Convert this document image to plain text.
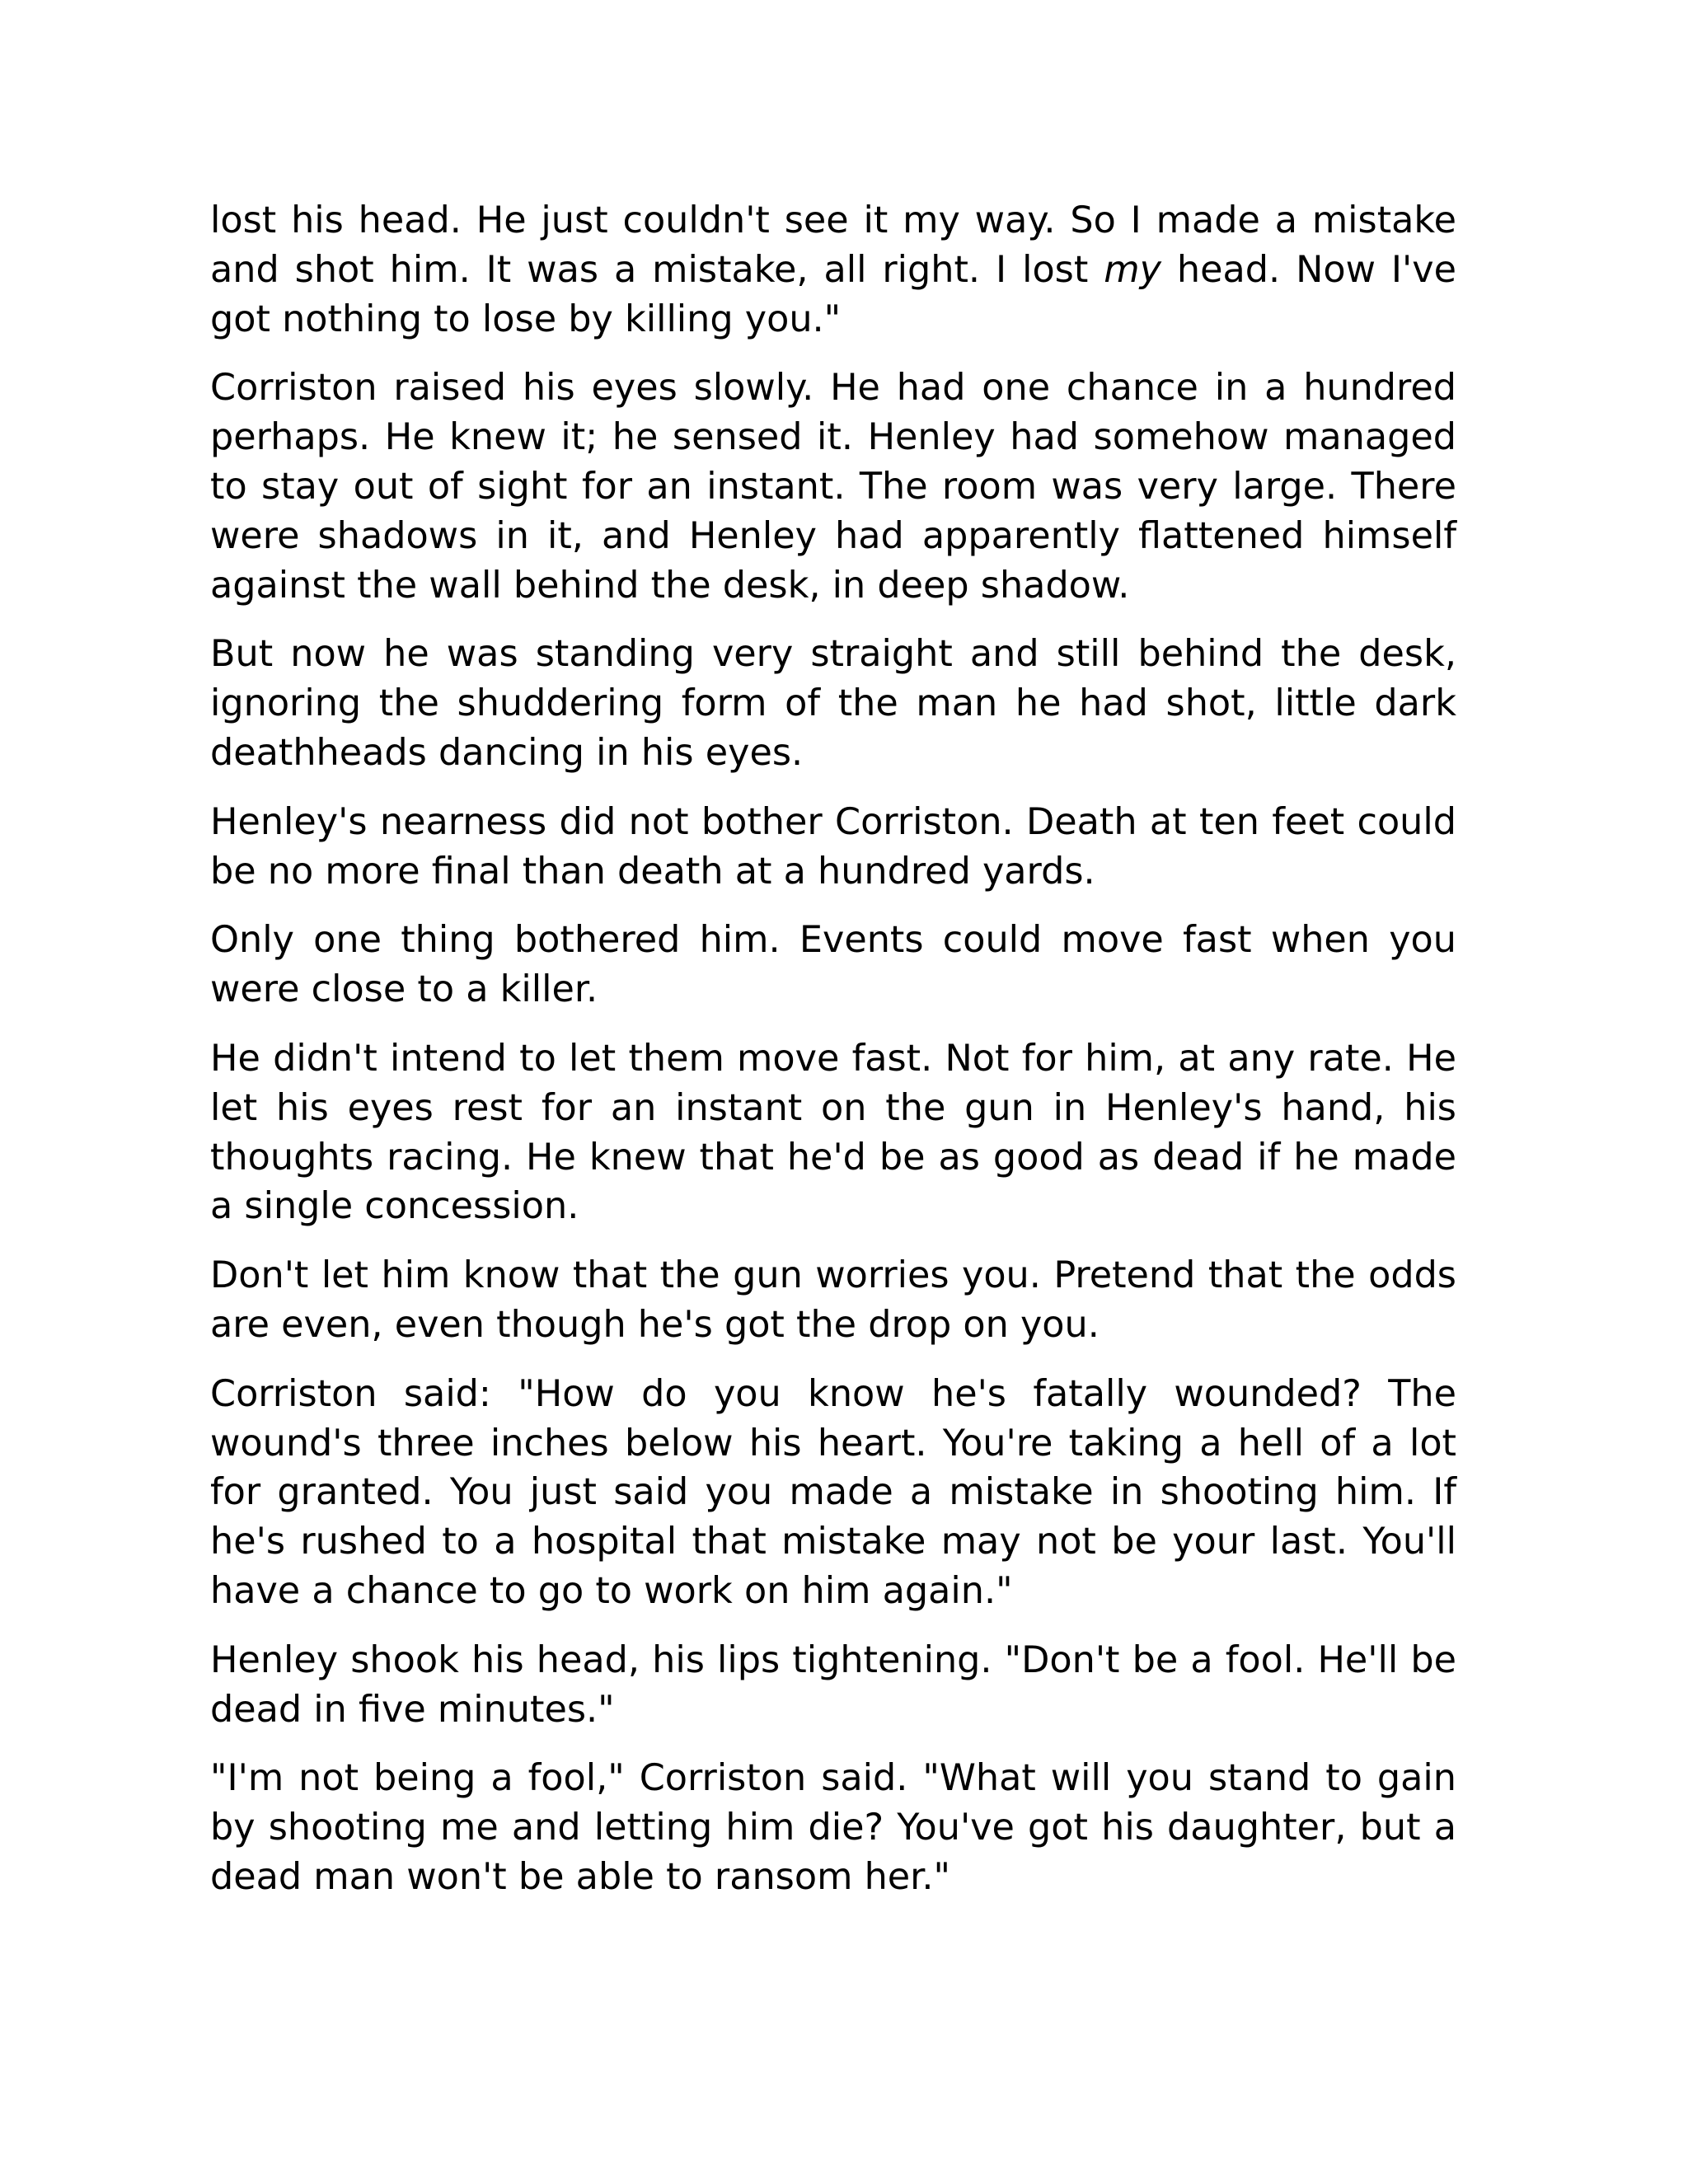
lost his head. He just couldn't see it my way. So I made a mistake and shot him. It was a mistake, all right. I lost my head. Now I've got nothing to lose by killing you."

Corriston raised his eyes slowly. He had one chance in a hundred perhaps. He knew it; he sensed it. Henley had somehow managed to stay out of sight for an instant. The room was very large. There were shadows in it, and Henley had apparently flattened himself against the wall behind the desk, in deep shadow.

But now he was standing very straight and still behind the desk, ignoring the shuddering form of the man he had shot, little dark deathheads dancing in his eyes.

Henley's nearness did not bother Corriston. Death at ten feet could be no more final than death at a hundred yards.

Only one thing bothered him. Events could move fast when you were close to a killer.

He didn't intend to let them move fast. Not for him, at any rate. He let his eyes rest for an instant on the gun in Henley's hand, his thoughts racing. He knew that he'd be as good as dead if he made a single concession.

Don't let him know that the gun worries you. Pretend that the odds are even, even though he's got the drop on you.

Corriston said: "How do you know he's fatally wounded? The wound's three inches below his heart. You're taking a hell of a lot for granted. You just said you made a mistake in shooting him. If he's rushed to a hospital that mistake may not be your last. You'll have a chance to go to work on him again."

Henley shook his head, his lips tightening. "Don't be a fool. He'll be dead in five minutes."

"I'm not being a fool," Corriston said. "What will you stand to gain by shooting me and letting him die? You've got his daughter, but a dead man won't be able to ransom her."
